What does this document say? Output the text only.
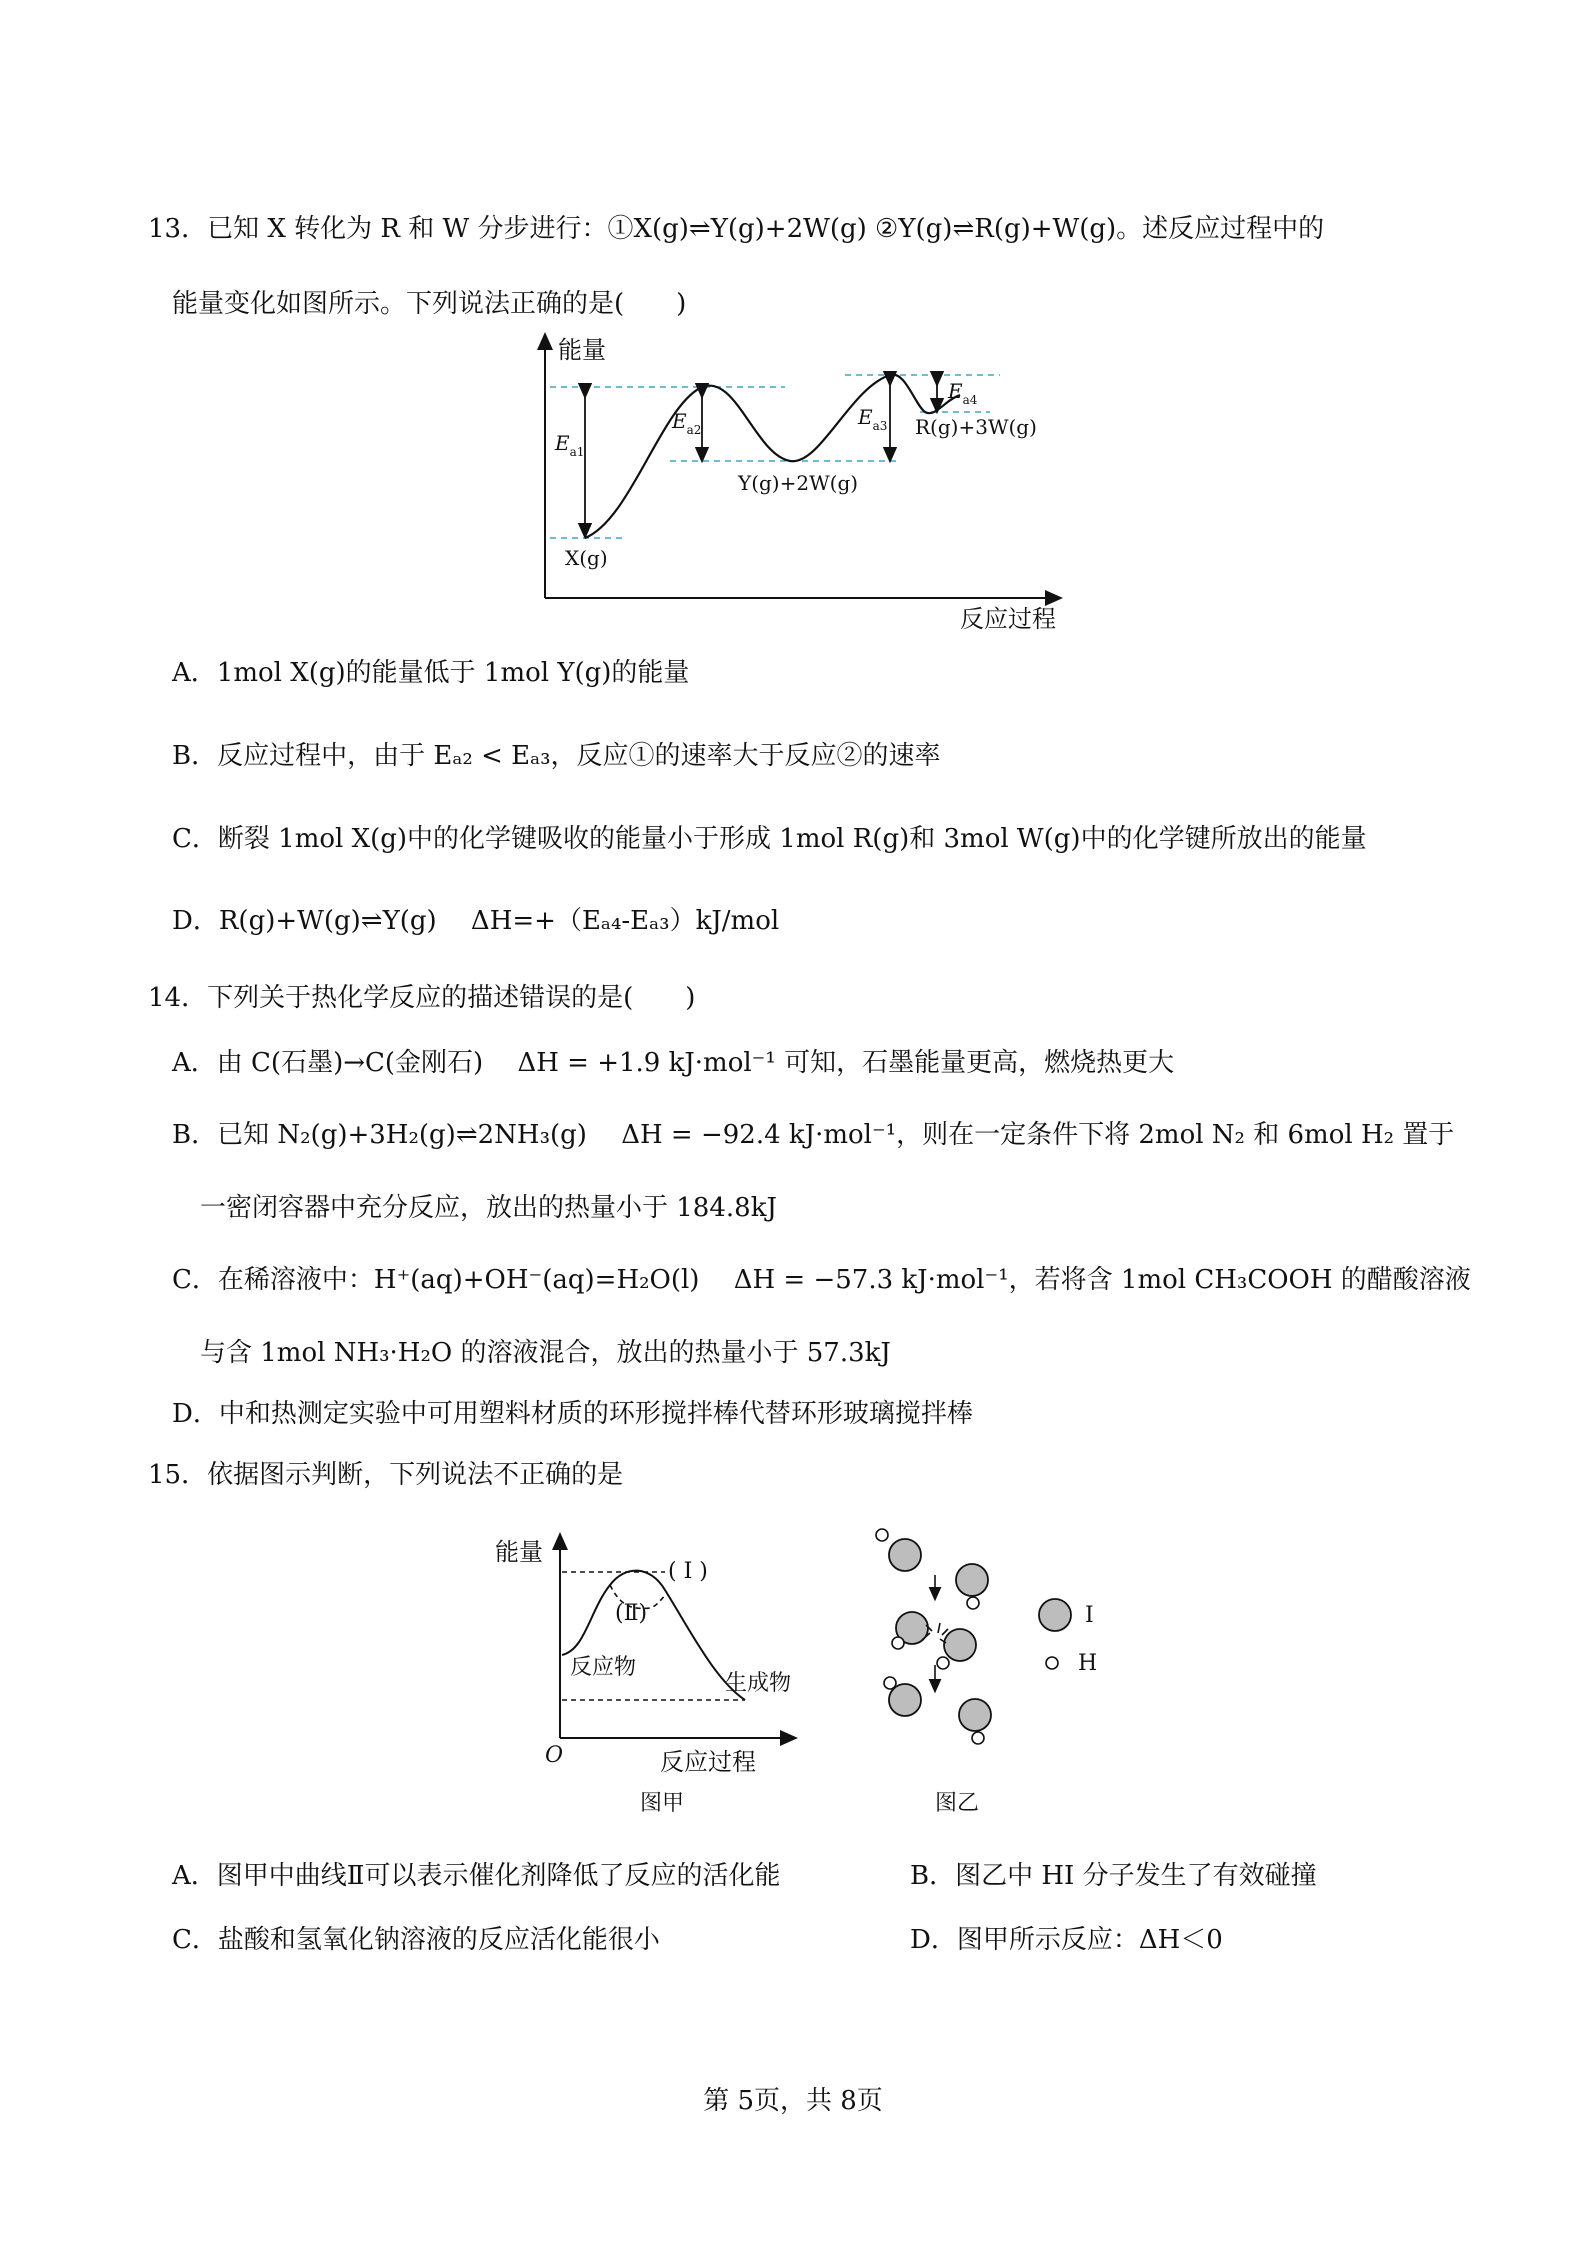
13．已知 X 转化为 R 和 W 分步进行：①X(g)⇌Y(g)+2W(g) ②Y(g)⇌R(g)+W(g)。述反应过程中的
能量变化如图所示。下列说法正确的是(　　)
能量
反应过程
$E_{a1}$
$E_{a2}$
$E_{a3}$
$E_{a4}$
X(g)
Y(g)+2W(g)
R(g)+3W(g)
A．1mol X(g)的能量低于 1mol Y(g)的能量
B．反应过程中，由于 Eₐ₂ < Eₐ₃，反应①的速率大于反应②的速率
C．断裂 1mol X(g)中的化学键吸收的能量小于形成 1mol R(g)和 3mol W(g)中的化学键所放出的能量
D．R(g)+W(g)⇌Y(g)　 ΔH=+（Eₐ₄-Eₐ₃）kJ/mol
14．下列关于热化学反应的描述错误的是(　　)
A．由 C(石墨)→C(金刚石)　 ΔH = +1.9 kJ·mol⁻¹ 可知，石墨能量更高，燃烧热更大
B．已知 N₂(g)+3H₂(g)⇌2NH₃(g)　 ΔH = −92.4 kJ·mol⁻¹，则在一定条件下将 2mol N₂ 和 6mol H₂ 置于
一密闭容器中充分反应，放出的热量小于 184.8kJ
C．在稀溶液中：H⁺(aq)+OH⁻(aq)=H₂O(l)　 ΔH = −57.3 kJ·mol⁻¹，若将含 1mol CH₃COOH 的醋酸溶液
与含 1mol NH₃·H₂O 的溶液混合，放出的热量小于 57.3kJ
D．中和热测定实验中可用塑料材质的环形搅拌棒代替环形玻璃搅拌棒
15．依据图示判断，下列说法不正确的是
能量
反应过程
O
( I )
(Ⅱ)
反应物
生成物
图甲
I
H
图乙
A．图甲中曲线Ⅱ可以表示催化剂降低了反应的活化能	B．图乙中 HI 分子发生了有效碰撞
C．盐酸和氢氧化钠溶液的反应活化能很小	D．图甲所示反应：ΔH＜0
第 5页，共 8页
